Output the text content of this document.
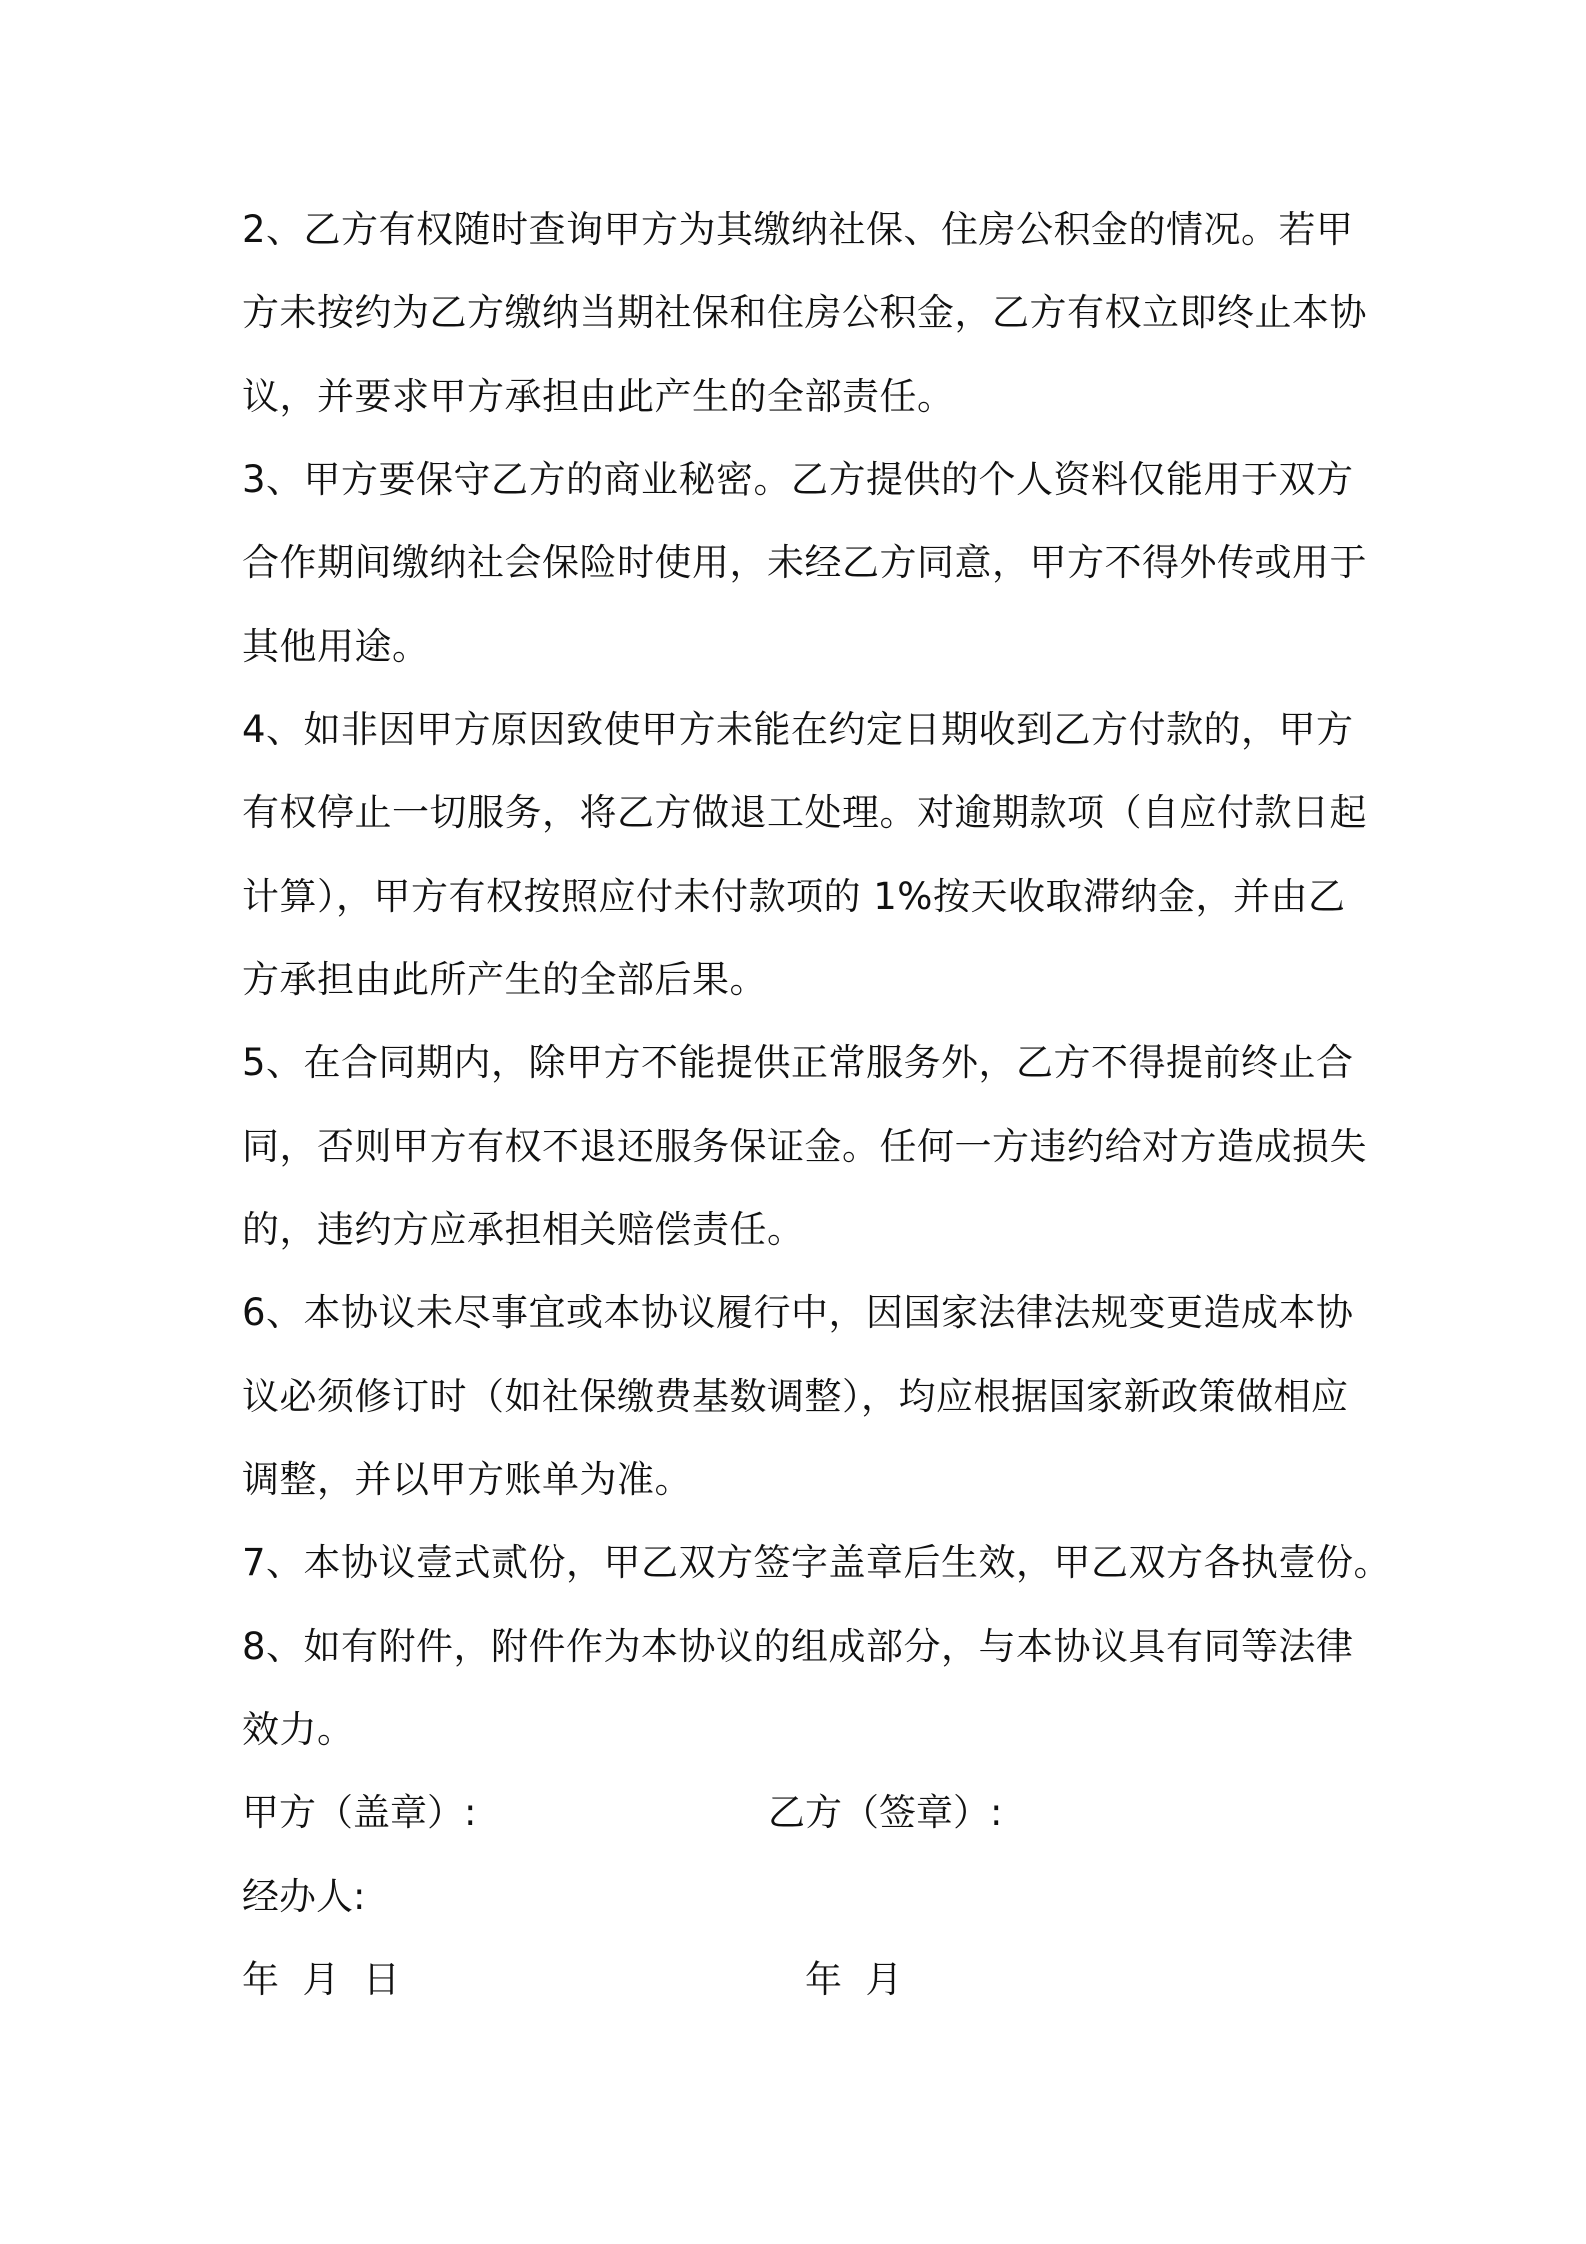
2、乙方有权随时查询甲方为其缴纳社保、住房公积金的情况。若甲
方未按约为乙方缴纳当期社保和住房公积金，乙方有权立即终止本协
议，并要求甲方承担由此产生的全部责任。
3、甲方要保守乙方的商业秘密。乙方提供的个人资料仅能用于双方
合作期间缴纳社会保险时使用，未经乙方同意，甲方不得外传或用于
其他用途。
4、如非因甲方原因致使甲方未能在约定日期收到乙方付款的，甲方
有权停止一切服务，将乙方做退工处理。对逾期款项（自应付款日起
计算），甲方有权按照应付未付款项的 1%按天收取滞纳金，并由乙
方承担由此所产生的全部后果。
5、在合同期内，除甲方不能提供正常服务外，乙方不得提前终止合
同，否则甲方有权不退还服务保证金。任何一方违约给对方造成损失
的，违约方应承担相关赔偿责任。
6、本协议未尽事宜或本协议履行中，因国家法律法规变更造成本协
议必须修订时（如社保缴费基数调整），均应根据国家新政策做相应
调整，并以甲方账单为准。
7、本协议壹式贰份，甲乙双方签字盖章后生效，甲乙双方各执壹份。
8、如有附件，附件作为本协议的组成部分，与本协议具有同等法律
效力。
甲方（盖章）:	乙方（签章）:
经办人:
年  月  日	年  月
